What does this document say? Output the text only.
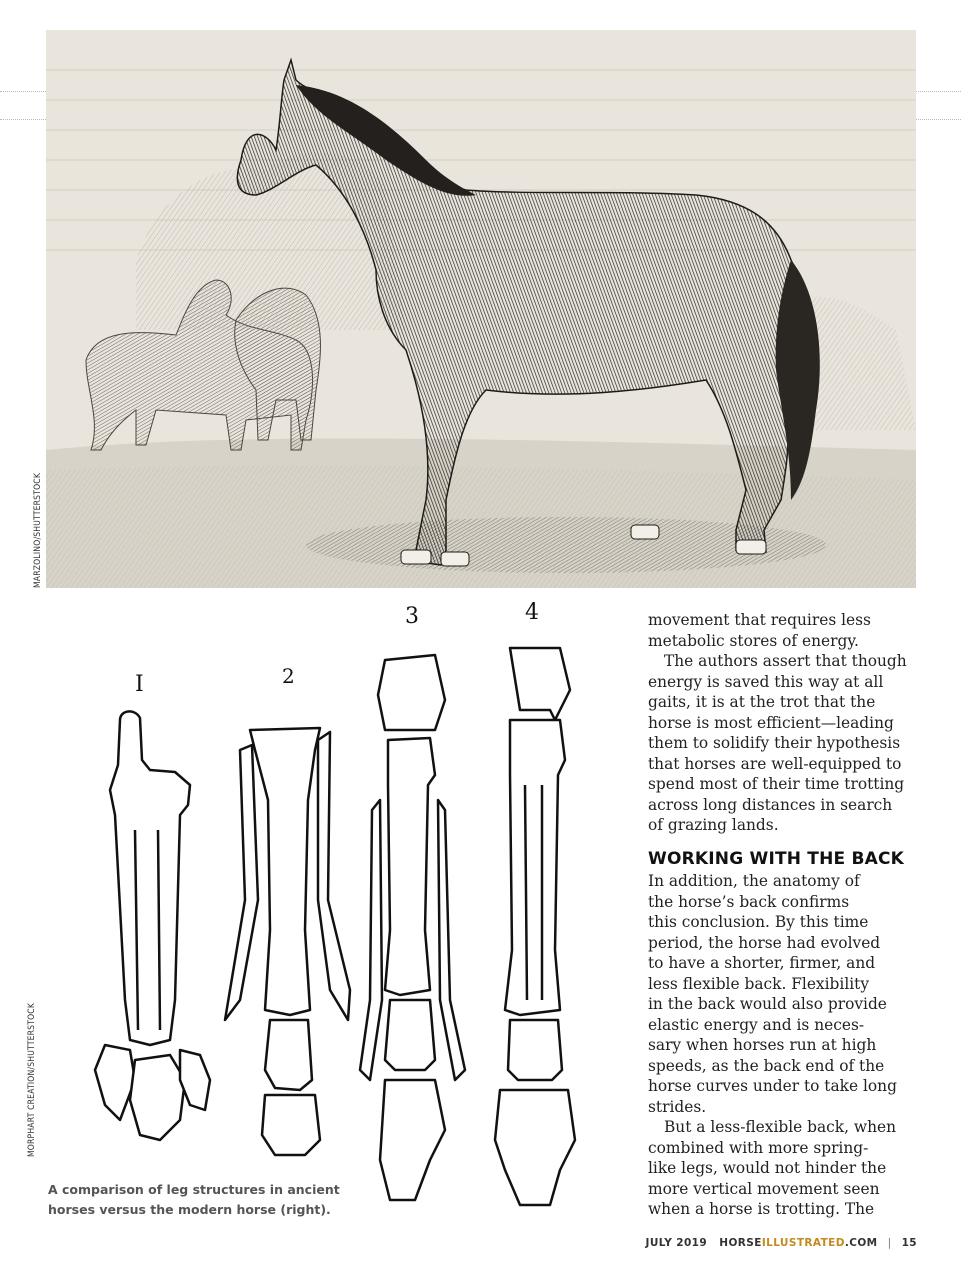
MARZOLINO/SHUTTERSTOCK
MORPHART CREATION/SHUTTERSTOCK
I	2
3	4
A comparison of leg structures in ancient
horses versus the modern horse (right).

movement that requires less
metabolic stores of energy.

The authors assert that though
energy is saved this way at all
gaits, it is at the trot that the
horse is most efficient—leading
them to solidify their hypothesis
that horses are well-equipped to
spend most of their time trotting
across long distances in search
of grazing lands.

WORKING WITH THE BACK

In addition, the anatomy of
the horse’s back confirms
this conclusion. By this time
period, the horse had evolved
to have a shorter, firmer, and
less flexible back. Flexibility
in the back would also provide
elastic energy and is neces-
sary when horses run at high
speeds, as the back end of the
horse curves under to take long
strides.

But a less-flexible back, when
combined with more spring-
like legs, would not hinder the
more vertical movement seen
when a horse is trotting. The

JULY 2019 HORSEILLUSTRATED.COM | 15
